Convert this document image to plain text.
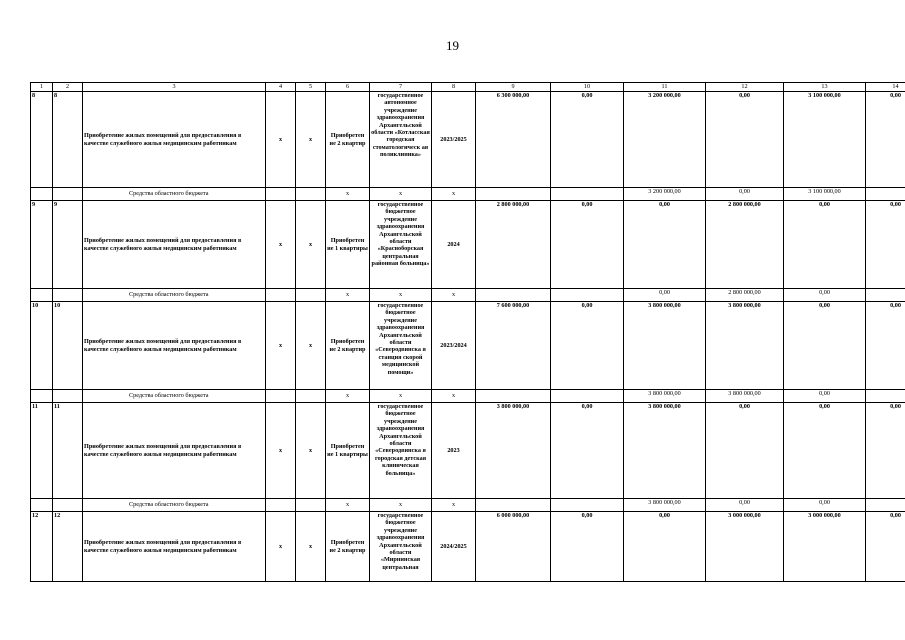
19
1	2	3	4	5	6	7	8	9	10	11	12	13	14
8	8	Приобретение жилых помещений для предоставления в качестве служебного жилья медицинским работникам	x	x	Приобретен ие 2 квартир	государственное автономное учреждение здравоохранения Архангельской области «Котласская городская стоматологическ ая поликлиника»	2023/2025	6 300 000,00	0,00	3 200 000,00	0,00	3 100 000,00	0,00
		Средства областного бюджета			x	x	x			3 200 000,00	0,00	3 100 000,00	
9	9	Приобретение жилых помещений для предоставления в качестве служебного жилья медицинским работникам	x	x	Приобретен ие 1 квартиры	государственное бюджетное учреждение здравоохранения Архангельской области «Красноборская центральная районная больница»	2024	2 800 000,00	0,00	0,00	2 800 000,00	0,00	0,00
		Средства областного бюджета			x	x	x			0,00	2 800 000,00	0,00	
10	10	Приобретение жилых помещений для предоставления в качестве служебного жилья медицинским работникам	x	x	Приобретен ие 2 квартир	государственное бюджетное учреждение здравоохранения Архангельской области «Северодвинска я станция скорой медицинской помощи»	2023/2024	7 600 000,00	0,00	3 800 000,00	3 800 000,00	0,00	0,00
		Средства областного бюджета			x	x	x			3 800 000,00	3 800 000,00	0,00	
11	11	Приобретение жилых помещений для предоставления в качестве служебного жилья медицинским работникам	x	x	Приобретен ие 1 квартиры	государственное бюджетное учреждение здравоохранения Архангельской области «Северодвинска я городская детская клиническая больница»	2023	3 800 000,00	0,00	3 800 000,00	0,00	0,00	0,00
		Средства областного бюджета			x	x	x			3 800 000,00	0,00	0,00	
12	12	Приобретение жилых помещений для предоставления в качестве служебного жилья медицинским работникам	x	x	Приобретен ие 2 квартир	государственное бюджетное учреждение здравоохранения Архангельской области «Мирнинская центральная	2024/2025	6 000 000,00	0,00	0,00	3 000 000,00	3 000 000,00	0,00
